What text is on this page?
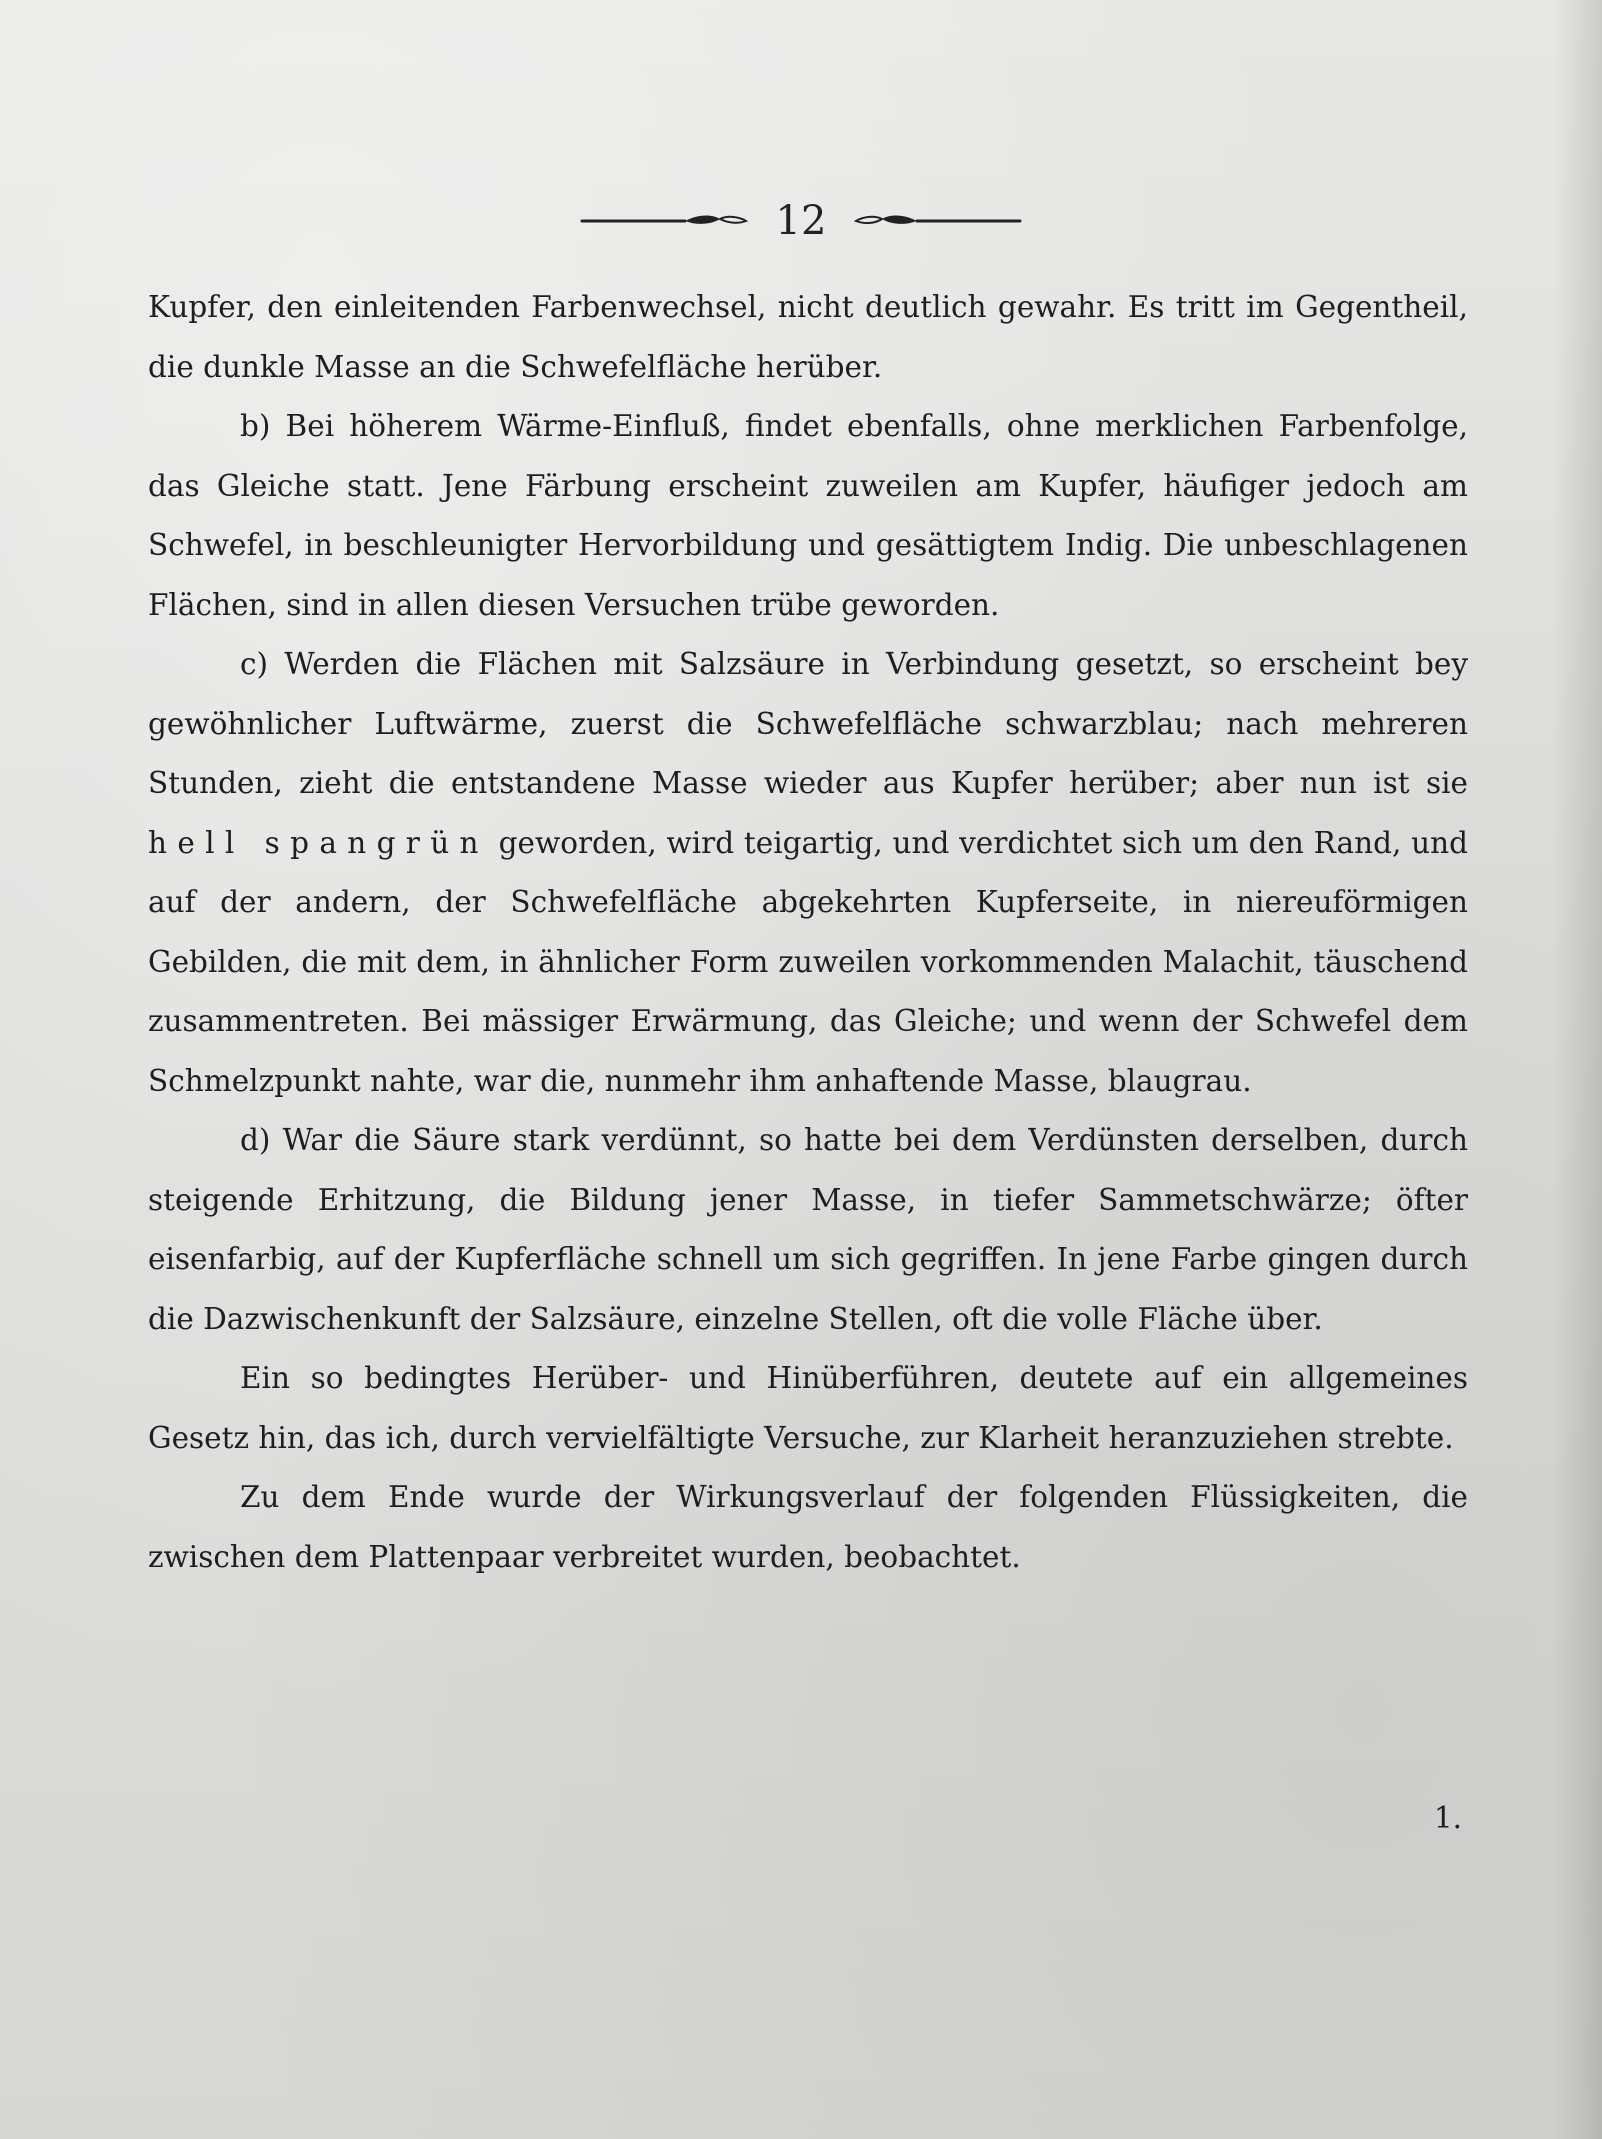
12

Kupfer, den einleitenden Farbenwechsel, nicht deutlich gewahr. Es tritt im Gegentheil, die dunkle Masse an die Schwefelfläche herüber.

b) Bei höherem Wärme-Einfluß, findet ebenfalls, ohne merklichen Farbenfolge, das Gleiche statt. Jene Färbung erscheint zuweilen am Kupfer, häufiger jedoch am Schwefel, in beschleunigter Hervorbildung und gesättigtem Indig. Die unbeschlagenen Flächen, sind in allen diesen Versuchen trübe geworden.

c) Werden die Flächen mit Salzsäure in Verbindung gesetzt, so erscheint bey gewöhnlicher Luftwärme, zuerst die Schwefelfläche schwarzblau; nach mehreren Stunden, zieht die entstandene Masse wieder aus Kupfer herüber; aber nun ist sie hell spangrün geworden, wird teigartig, und verdichtet sich um den Rand, und auf der andern, der Schwefelfläche abgekehrten Kupferseite, in niereuförmigen Gebilden, die mit dem, in ähnlicher Form zuweilen vorkommenden Malachit, täuschend zusammentreten. Bei mässiger Erwärmung, das Gleiche; und wenn der Schwefel dem Schmelzpunkt nahte, war die, nunmehr ihm anhaftende Masse, blaugrau.

d) War die Säure stark verdünnt, so hatte bei dem Verdünsten derselben, durch steigende Erhitzung, die Bildung jener Masse, in tiefer Sammetschwärze; öfter eisenfarbig, auf der Kupferfläche schnell um sich gegriffen. In jene Farbe gingen durch die Dazwischenkunft der Salzsäure, einzelne Stellen, oft die volle Fläche über.

Ein so bedingtes Herüber- und Hinüberführen, deutete auf ein allgemeines Gesetz hin, das ich, durch vervielfältigte Versuche, zur Klarheit heranzuziehen strebte.

Zu dem Ende wurde der Wirkungsverlauf der folgenden Flüssigkeiten, die zwischen dem Plattenpaar verbreitet wurden, beobachtet.

1.
